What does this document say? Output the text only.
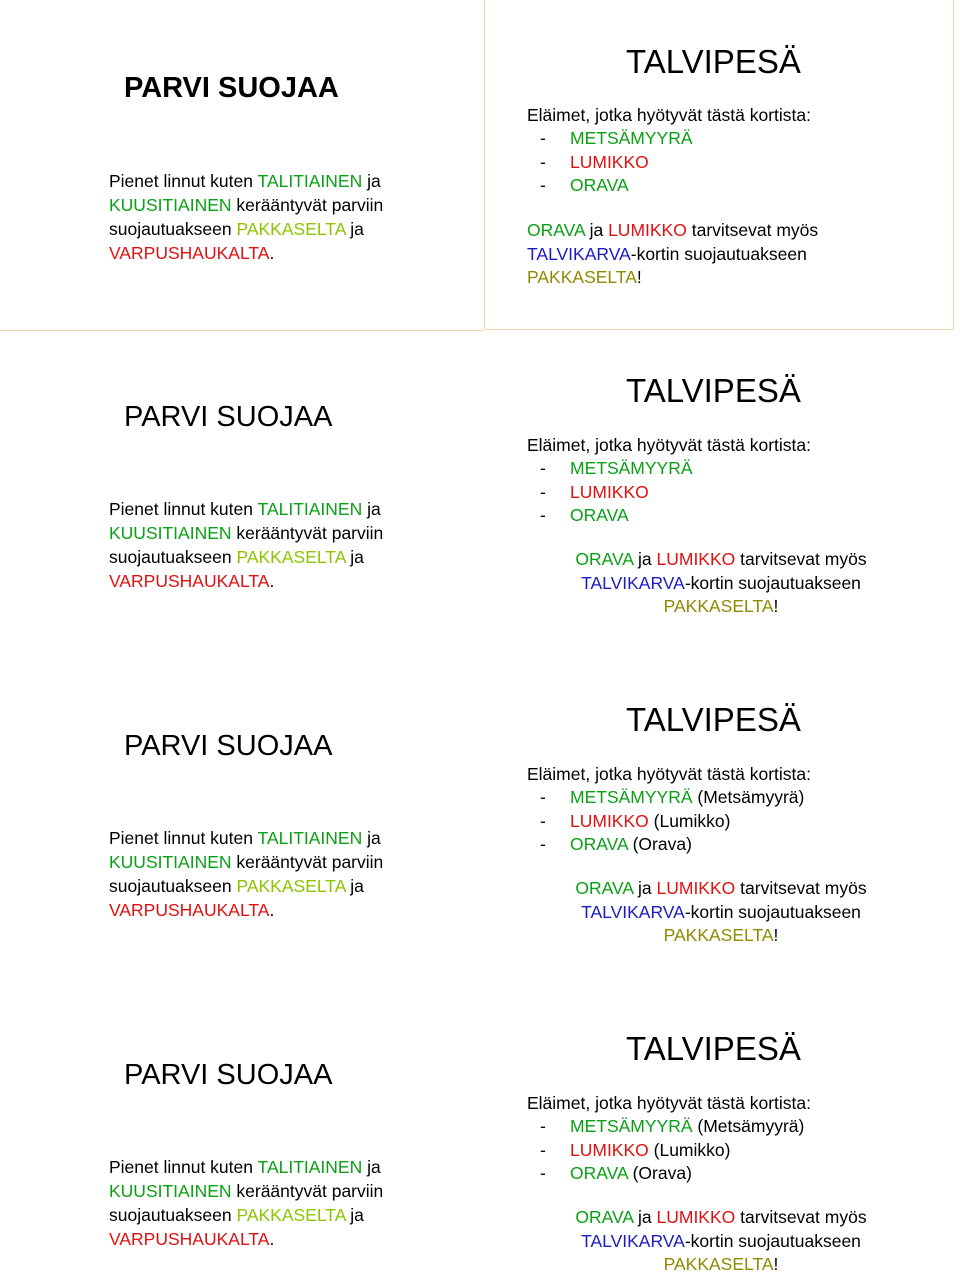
PARVI SUOJAA

Pienet linnut kuten TALITIAINEN ja

KUUSITIAINEN kerääntyvät parviin

suojautuakseen PAKKASELTA ja

VARPUSHAUKALTA.

TALVIPESÄ
Eläimet, jotka hyötyvät tästä kortista:

- METSÄMYYRÄ

- LUMIKKO

- ORAVA

ORAVA ja LUMIKKO tarvitsevat myös

TALVIKARVA-kortin suojautuakseen

PAKKASELTA!

PARVI SUOJAA

Pienet linnut kuten TALITIAINEN ja

KUUSITIAINEN kerääntyvät parviin

suojautuakseen PAKKASELTA ja

VARPUSHAUKALTA.

TALVIPESÄ
Eläimet, jotka hyötyvät tästä kortista:

- METSÄMYYRÄ

- LUMIKKO

- ORAVA

ORAVA ja LUMIKKO tarvitsevat myös

TALVIKARVA-kortin suojautuakseen

PAKKASELTA!

PARVI SUOJAA

Pienet linnut kuten TALITIAINEN ja

KUUSITIAINEN kerääntyvät parviin

suojautuakseen PAKKASELTA ja

VARPUSHAUKALTA.

TALVIPESÄ
Eläimet, jotka hyötyvät tästä kortista:

- METSÄMYYRÄ (Metsämyyrä)

- LUMIKKO (Lumikko)

- ORAVA (Orava)

ORAVA ja LUMIKKO tarvitsevat myös

TALVIKARVA-kortin suojautuakseen

PAKKASELTA!

PARVI SUOJAA

Pienet linnut kuten TALITIAINEN ja

KUUSITIAINEN kerääntyvät parviin

suojautuakseen PAKKASELTA ja

VARPUSHAUKALTA.

TALVIPESÄ
Eläimet, jotka hyötyvät tästä kortista:

- METSÄMYYRÄ (Metsämyyrä)

- LUMIKKO (Lumikko)

- ORAVA (Orava)

ORAVA ja LUMIKKO tarvitsevat myös

TALVIKARVA-kortin suojautuakseen

PAKKASELTA!
